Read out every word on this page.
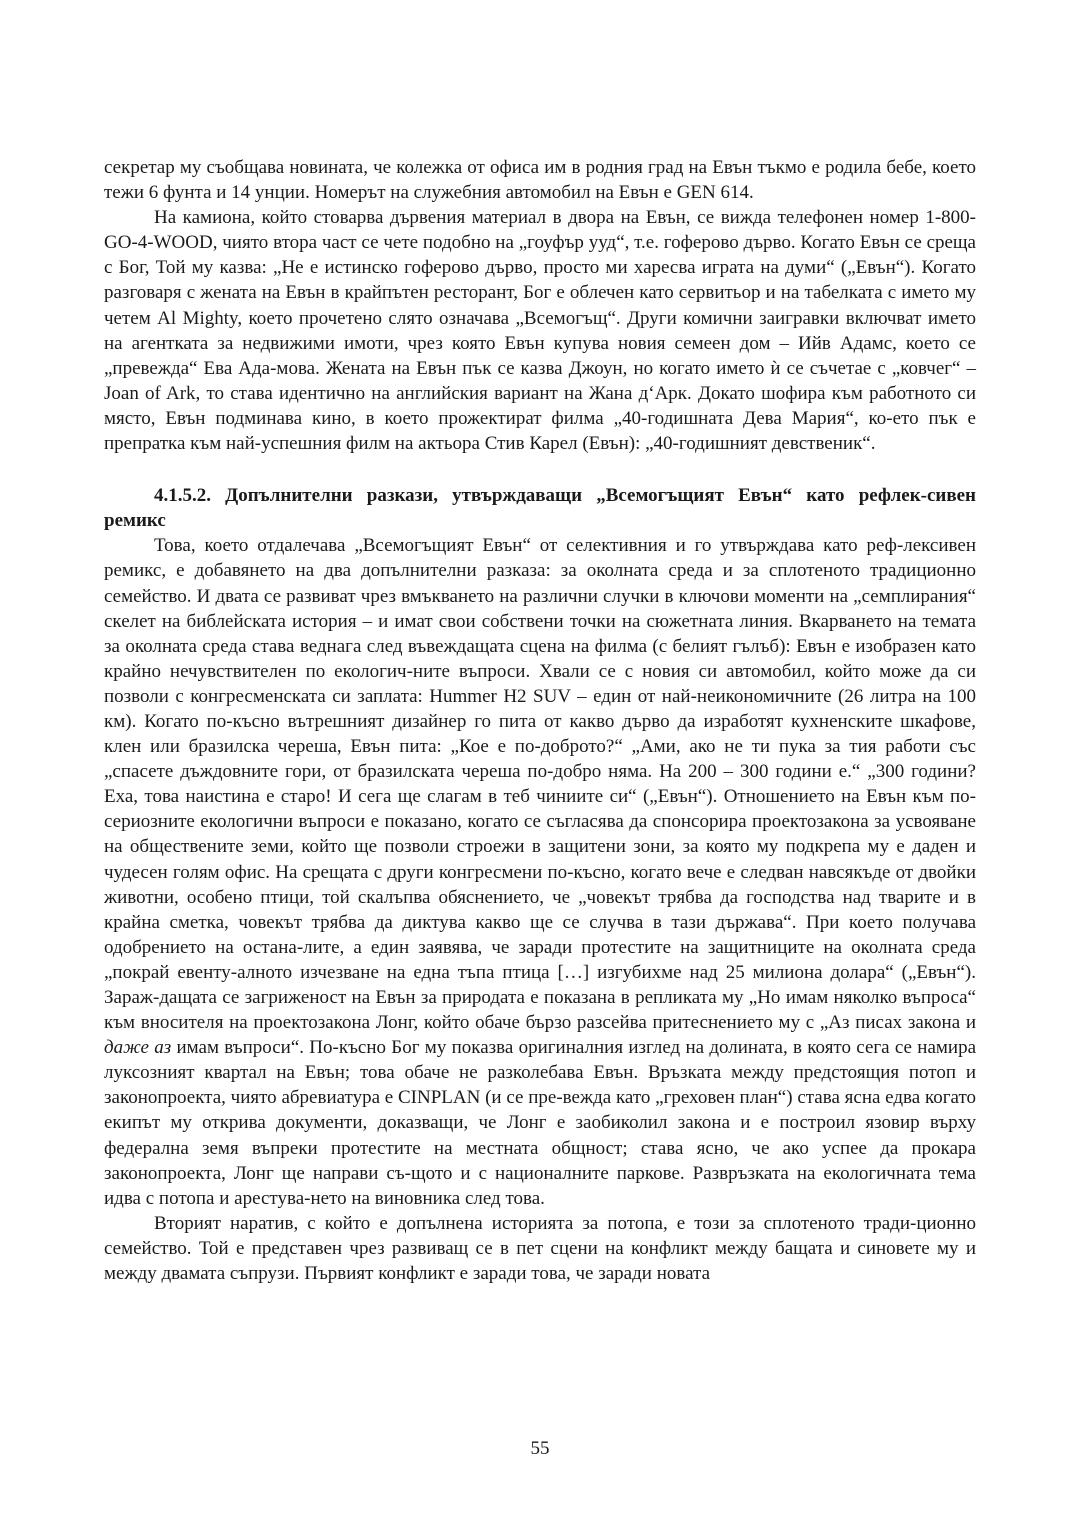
секретар му съобщава новината, че колежка от офиса им в родния град на Евън тъкмо е родила бебе, което тежи 6 фунта и 14 унции. Номерът на служебния автомобил на Евън е GEN 614.

На камиона, който стоварва дървения материал в двора на Евън, се вижда телефонен номер 1-800-GO-4-WOOD, чиято втора част се чете подобно на „гоуфър ууд“, т.е. гоферово дърво. Когато Евън се среща с Бог, Той му казва: „Не е истинско гоферово дърво, просто ми харесва играта на думи“ („Евън“). Когато разговаря с жената на Евън в крайпътен ресторант, Бог е облечен като сервитьор и на табелката с името му четем Al Mighty, което прочетено слято означава „Всемогъщ“. Други комични заигравки включват името на агентката за недвижими имоти, чрез която Евън купува новия семеен дом – Ийв Адамс, което се „превежда“ Ева Ада-мова. Жената на Евън пък се казва Джоун, но когато името ѝ се съчетае с „ковчег“ – Joan of Ark, то става идентично на английския вариант на Жана д‘Арк. Докато шофира към работното си място, Евън подминава кино, в което прожектират филма „40-годишната Дева Мария“, ко-ето пък е препратка към най-успешния филм на актьора Стив Карел (Евън): „40-годишният девственик“.

4.1.5.2. Допълнителни разкази, утвърждаващи „Всемогъщият Евън“ като рефлек-сивен ремикс

Това, което отдалечава „Всемогъщият Евън“ от селективния и го утвърждава като реф-лексивен ремикс, е добавянето на два допълнителни разказа: за околната среда и за сплотеното традиционно семейство. И двата се развиват чрез вмъкването на различни случки в ключови моменти на „семплирания“ скелет на библейската история – и имат свои собствени точки на сюжетната линия. Вкарването на темата за околната среда става веднага след въвеждащата сцена на филма (с белият гълъб): Евън е изобразен като крайно нечувствителен по екологич-ните въпроси. Хвали се с новия си автомобил, който може да си позволи с конгресменската си заплата: Hummer H2 SUV – един от най-неикономичните (26 литра на 100 км). Когато по-късно вътрешният дизайнер го пита от какво дърво да изработят кухненските шкафове, клен или бразилска череша, Евън пита: „Кое е по-доброто?“ „Ами, ако не ти пука за тия работи със „спасете дъждовните гори, от бразилската череша по-добро няма. На 200 – 300 години е.“ „300 години? Еха, това наистина е старо! И сега ще слагам в теб чиниите си“ („Евън“). Отношението на Евън към по-сериозните екологични въпроси е показано, когато се съгласява да спонсорира проектозакона за усвояване на обществените земи, който ще позволи строежи в защитени зони, за която му подкрепа му е даден и чудесен голям офис. На срещата с други конгресмени по-късно, когато вече е следван навсякъде от двойки животни, особено птици, той скалъпва обяснението, че „човекът трябва да господства над тварите и в крайна сметка, човекът трябва да диктува какво ще се случва в тази държава“. При което получава одобрението на остана-лите, а един заявява, че заради протестите на защитниците на околната среда „покрай евенту-алното изчезване на една тъпа птица […] изгубихме над 25 милиона долара“ („Евън“). Зараж-дащата се загриженост на Евън за природата е показана в репликата му „Но имам няколко въпроса“ към вносителя на проектозакона Лонг, който обаче бързо разсейва притеснението му с „Аз писах закона и даже аз имам въпроси“. По-късно Бог му показва оригиналния изглед на долината, в която сега се намира луксозният квартал на Евън; това обаче не разколебава Евън. Връзката между предстоящия потоп и законопроекта, чиято абревиатура е CINPLAN (и се пре-вежда като „греховен план“) става ясна едва когато екипът му открива документи, доказващи, че Лонг е заобиколил закона и е построил язовир върху федерална земя въпреки протестите на местната общност; става ясно, че ако успее да прокара законопроекта, Лонг ще направи съ-щото и с националните паркове. Развръзката на екологичната тема идва с потопа и арестува-нето на виновника след това.

Вторият наратив, с който е допълнена историята за потопа, е този за сплотеното тради-ционно семейство. Той е представен чрез развиващ се в пет сцени на конфликт между бащата и синовете му и между двамата съпрузи. Първият конфликт е заради това, че заради новата

55
